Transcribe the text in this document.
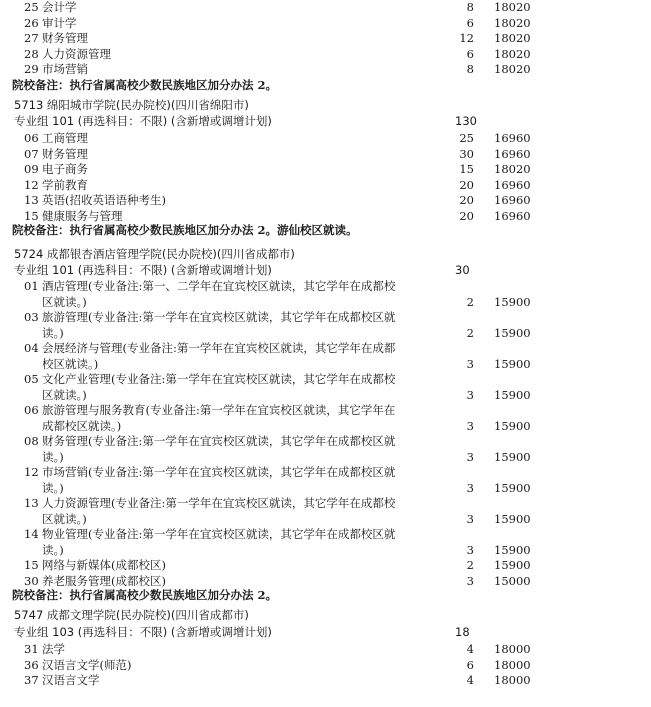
25 会计学	8 18020
26 审计学	6 18020
27 财务管理	12 18020
28 人力资源管理	6 18020
29 市场营销	8 18020
院校备注：执行省属高校少数民族地区加分办法 2。
5713 绵阳城市学院(民办院校)(四川省绵阳市)
专业组 101 (再选科目：不限) (含新增或调增计划)	130
06 工商管理	25 16960
07 财务管理	30 16960
09 电子商务	15 18020
12 学前教育	20 16960
13 英语(招收英语语种考生)	20 16960
15 健康服务与管理	20 16960
院校备注：执行省属高校少数民族地区加分办法 2。游仙校区就读。
5724 成都银杏酒店管理学院(民办院校)(四川省成都市)
专业组 101 (再选科目：不限) (含新增或调增计划)	30
01 酒店管理(专业备注:第一、二学年在宜宾校区就读，其它学年在成都校
区就读。)	2 15900
03 旅游管理(专业备注:第一学年在宜宾校区就读，其它学年在成都校区就
读。)	2 15900
04 会展经济与管理(专业备注:第一学年在宜宾校区就读，其它学年在成都
校区就读。)	3 15900
05 文化产业管理(专业备注:第一学年在宜宾校区就读，其它学年在成都校
区就读。)	3 15900
06 旅游管理与服务教育(专业备注:第一学年在宜宾校区就读，其它学年在
成都校区就读。)	3 15900
08 财务管理(专业备注:第一学年在宜宾校区就读，其它学年在成都校区就
读。)	3 15900
12 市场营销(专业备注:第一学年在宜宾校区就读，其它学年在成都校区就
读。)	3 15900
13 人力资源管理(专业备注:第一学年在宜宾校区就读，其它学年在成都校
区就读。)	3 15900
14 物业管理(专业备注:第一学年在宜宾校区就读，其它学年在成都校区就
读。)	3 15900
15 网络与新媒体(成都校区)	2 15900
30 养老服务管理(成都校区)	3 15000
院校备注：执行省属高校少数民族地区加分办法 2。
5747 成都文理学院(民办院校)(四川省成都市)
专业组 103 (再选科目：不限) (含新增或调增计划)	18
31 法学	4 18000
36 汉语言文学(师范)	6 18000
37 汉语言文学	4 18000
